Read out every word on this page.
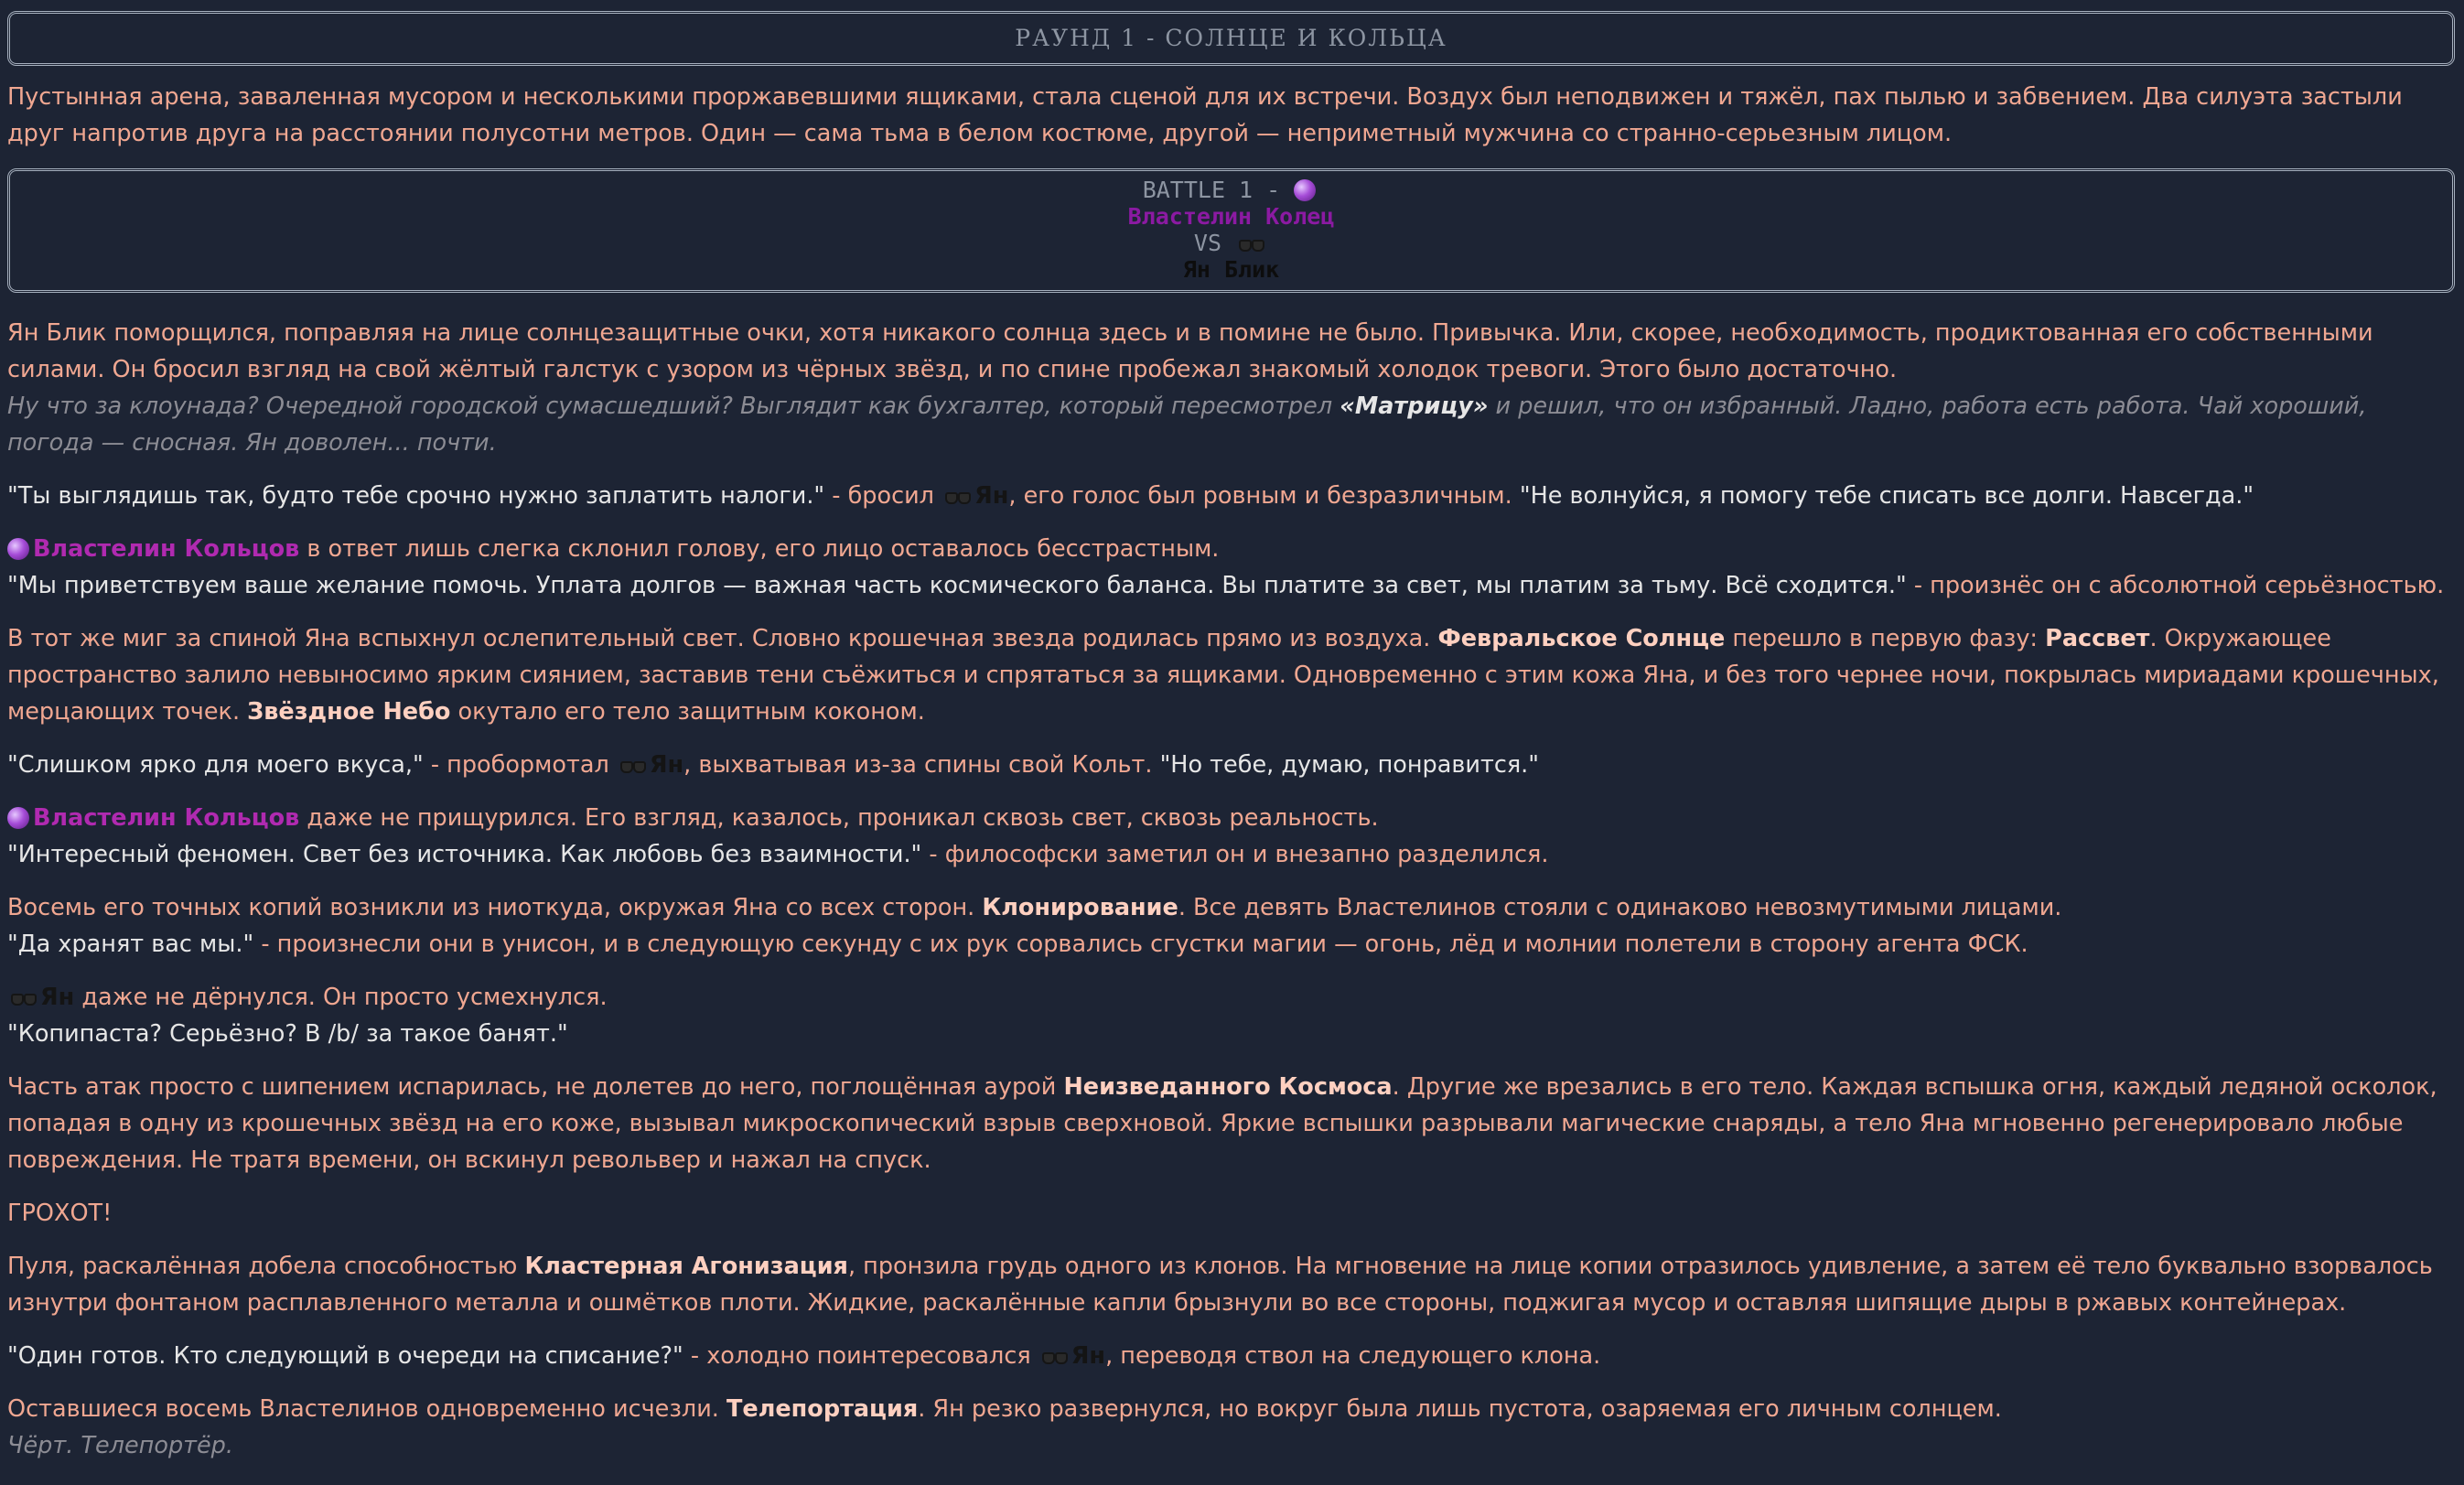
РАУНД 1 - СОЛНЦЕ И КОЛЬЦА

Пустынная арена, заваленная мусором и несколькими проржавевшими ящиками, стала сценой для их встречи. Воздух был неподвижен и тяжёл, пах пылью и забвением. Два силуэта застыли друг напротив друга на расстоянии полусотни метров. Один — сама тьма в белом костюме, другой — неприметный мужчина со странно-серьезным лицом.

BATTLE 1 -
Властелин Колец
VS
Ян Блик

Ян Блик поморщился, поправляя на лице солнцезащитные очки, хотя никакого солнца здесь и в помине не было. Привычка. Или, скорее, необходимость, продиктованная его собственными силами. Он бросил взгляд на свой жёлтый галстук с узором из чёрных звёзд, и по спине пробежал знакомый холодок тревоги. Этого было достаточно.
Ну что за клоунада? Очередной городской сумасшедший? Выглядит как бухгалтер, который пересмотрел «Матрицу» и решил, что он избранный. Ладно, работа есть работа. Чай хороший, погода — сносная. Ян доволен... почти.

"Ты выглядишь так, будто тебе срочно нужно заплатить налоги." - бросил Ян, его голос был ровным и безразличным. "Не волнуйся, я помогу тебе списать все долги. Навсегда."

Властелин Кольцов в ответ лишь слегка склонил голову, его лицо оставалось бесстрастным.
"Мы приветствуем ваше желание помочь. Уплата долгов — важная часть космического баланса. Вы платите за свет, мы платим за тьму. Всё сходится." - произнёс он с абсолютной серьёзностью.

В тот же миг за спиной Яна вспыхнул ослепительный свет. Словно крошечная звезда родилась прямо из воздуха. Февральское Солнце перешло в первую фазу: Рассвет. Окружающее пространство залило невыносимо ярким сиянием, заставив тени съёжиться и спрятаться за ящиками. Одновременно с этим кожа Яна, и без того чернее ночи, покрылась мириадами крошечных, мерцающих точек. Звёздное Небо окутало его тело защитным коконом.

"Слишком ярко для моего вкуса," - пробормотал Ян, выхватывая из-за спины свой Кольт. "Но тебе, думаю, понравится."

Властелин Кольцов даже не прищурился. Его взгляд, казалось, проникал сквозь свет, сквозь реальность.
"Интересный феномен. Свет без источника. Как любовь без взаимности." - философски заметил он и внезапно разделился.

Восемь его точных копий возникли из ниоткуда, окружая Яна со всех сторон. Клонирование. Все девять Властелинов стояли с одинаково невозмутимыми лицами.
"Да хранят вас мы." - произнесли они в унисон, и в следующую секунду с их рук сорвались сгустки магии — огонь, лёд и молнии полетели в сторону агента ФСК.

Ян даже не дёрнулся. Он просто усмехнулся.
"Копипаста? Серьёзно? В /b/ за такое банят."

Часть атак просто с шипением испарилась, не долетев до него, поглощённая аурой Неизведанного Космоса. Другие же врезались в его тело. Каждая вспышка огня, каждый ледяной осколок, попадая в одну из крошечных звёзд на его коже, вызывал микроскопический взрыв сверхновой. Яркие вспышки разрывали магические снаряды, а тело Яна мгновенно регенерировало любые повреждения. Не тратя времени, он вскинул револьвер и нажал на спуск.

ГРОХОТ!

Пуля, раскалённая добела способностью Кластерная Агонизация, пронзила грудь одного из клонов. На мгновение на лице копии отразилось удивление, а затем её тело буквально взорвалось изнутри фонтаном расплавленного металла и ошмётков плоти. Жидкие, раскалённые капли брызнули во все стороны, поджигая мусор и оставляя шипящие дыры в ржавых контейнерах.

"Один готов. Кто следующий в очереди на списание?" - холодно поинтересовался Ян, переводя ствол на следующего клона.

Оставшиеся восемь Властелинов одновременно исчезли. Телепортация. Ян резко развернулся, но вокруг была лишь пустота, озаряемая его личным солнцем.
Чёрт. Телепортёр.
